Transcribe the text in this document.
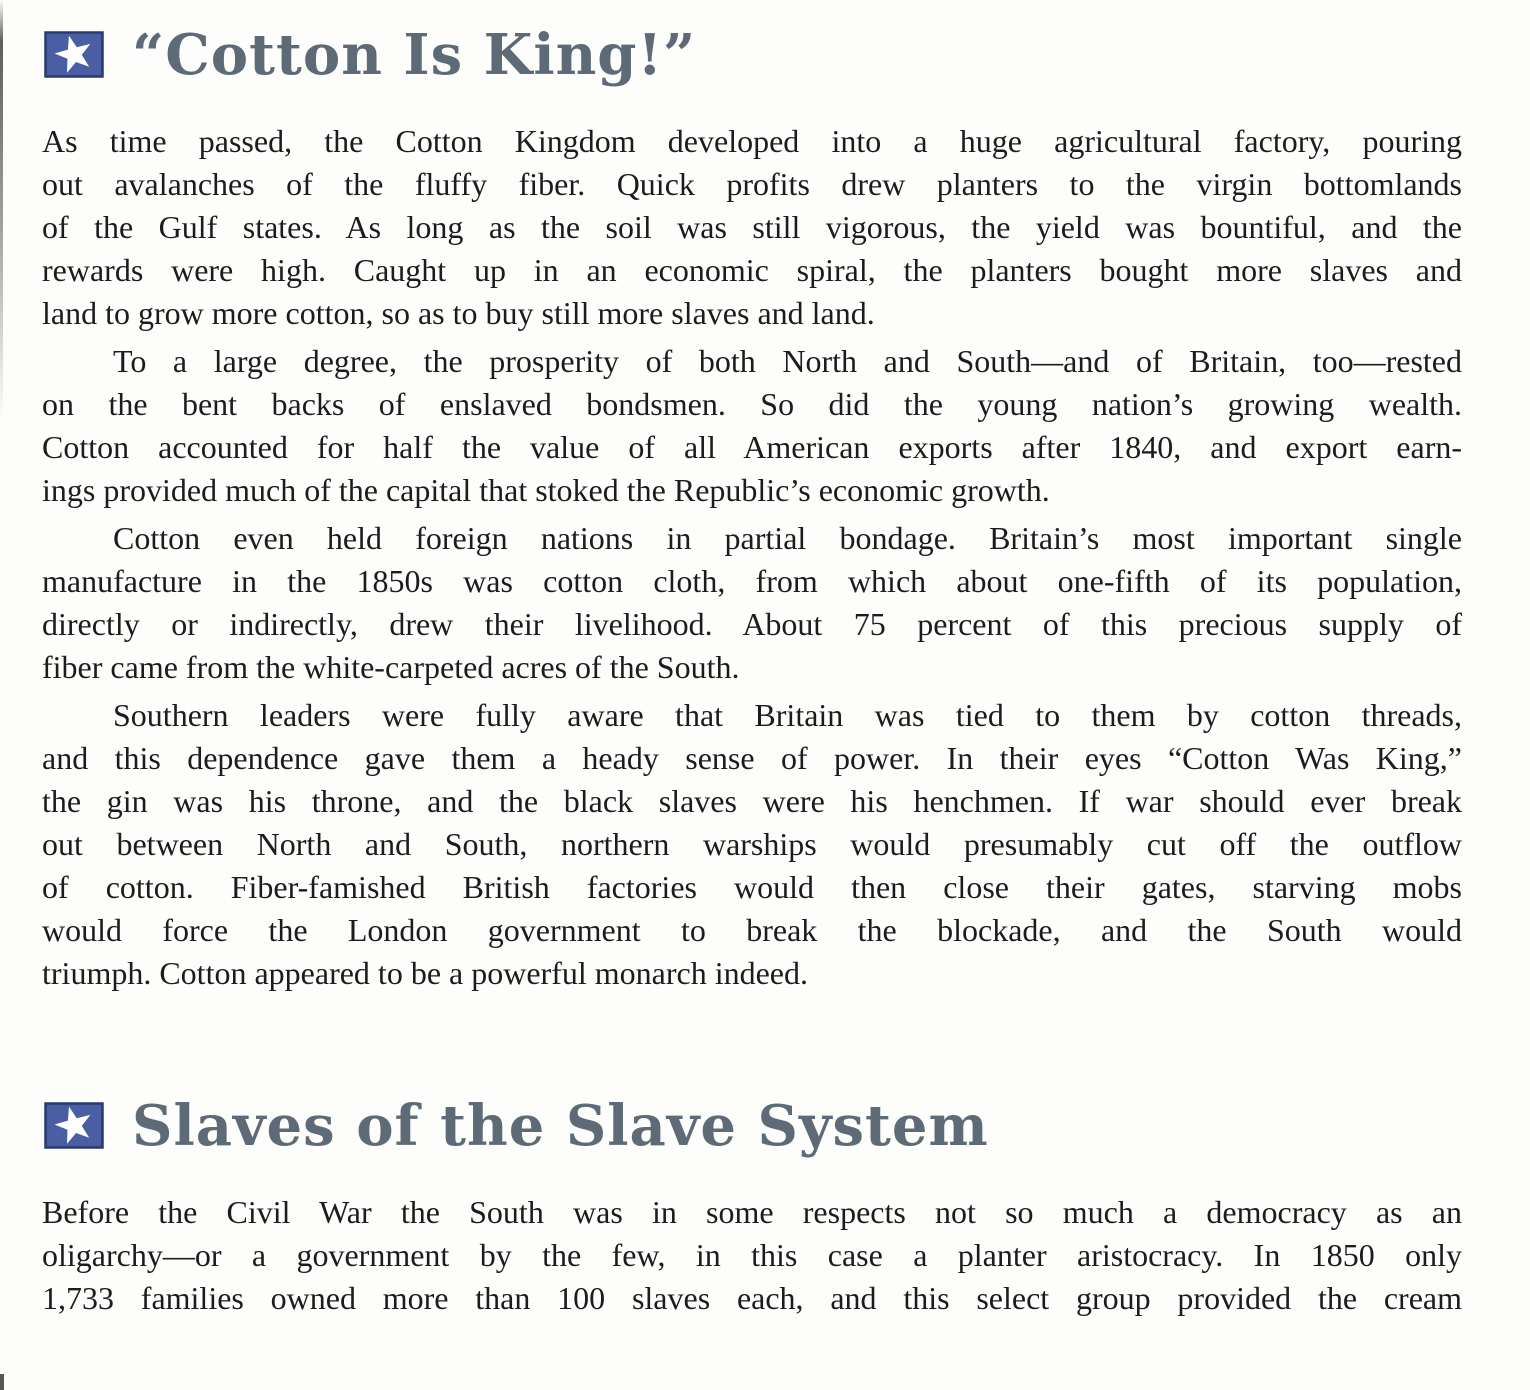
“Cotton Is King!”

As time passed, the Cotton Kingdom developed into a huge agricultural factory, pouring
out avalanches of the fluffy fiber. Quick profits drew planters to the virgin bottomlands
of the Gulf states. As long as the soil was still vigorous, the yield was bountiful, and the
rewards were high. Caught up in an economic spiral, the planters bought more slaves and
land to grow more cotton, so as to buy still more slaves and land.

To a large degree, the prosperity of both North and South—and of Britain, too—rested
on the bent backs of enslaved bondsmen. So did the young nation’s growing wealth.
Cotton accounted for half the value of all American exports after 1840, and export earn-
ings provided much of the capital that stoked the Republic’s economic growth.

Cotton even held foreign nations in partial bondage. Britain’s most important single
manufacture in the 1850s was cotton cloth, from which about one-fifth of its population,
directly or indirectly, drew their livelihood. About 75 percent of this precious supply of
fiber came from the white-carpeted acres of the South.

Southern leaders were fully aware that Britain was tied to them by cotton threads,
and this dependence gave them a heady sense of power. In their eyes “Cotton Was King,”
the gin was his throne, and the black slaves were his henchmen. If war should ever break
out between North and South, northern warships would presumably cut off the outflow
of cotton. Fiber-famished British factories would then close their gates, starving mobs
would force the London government to break the blockade, and the South would
triumph. Cotton appeared to be a powerful monarch indeed.

Slaves of the Slave System

Before the Civil War the South was in some respects not so much a democracy as an
oligarchy—or a government by the few, in this case a planter aristocracy. In 1850 only
1,733 families owned more than 100 slaves each, and this select group provided the cream
